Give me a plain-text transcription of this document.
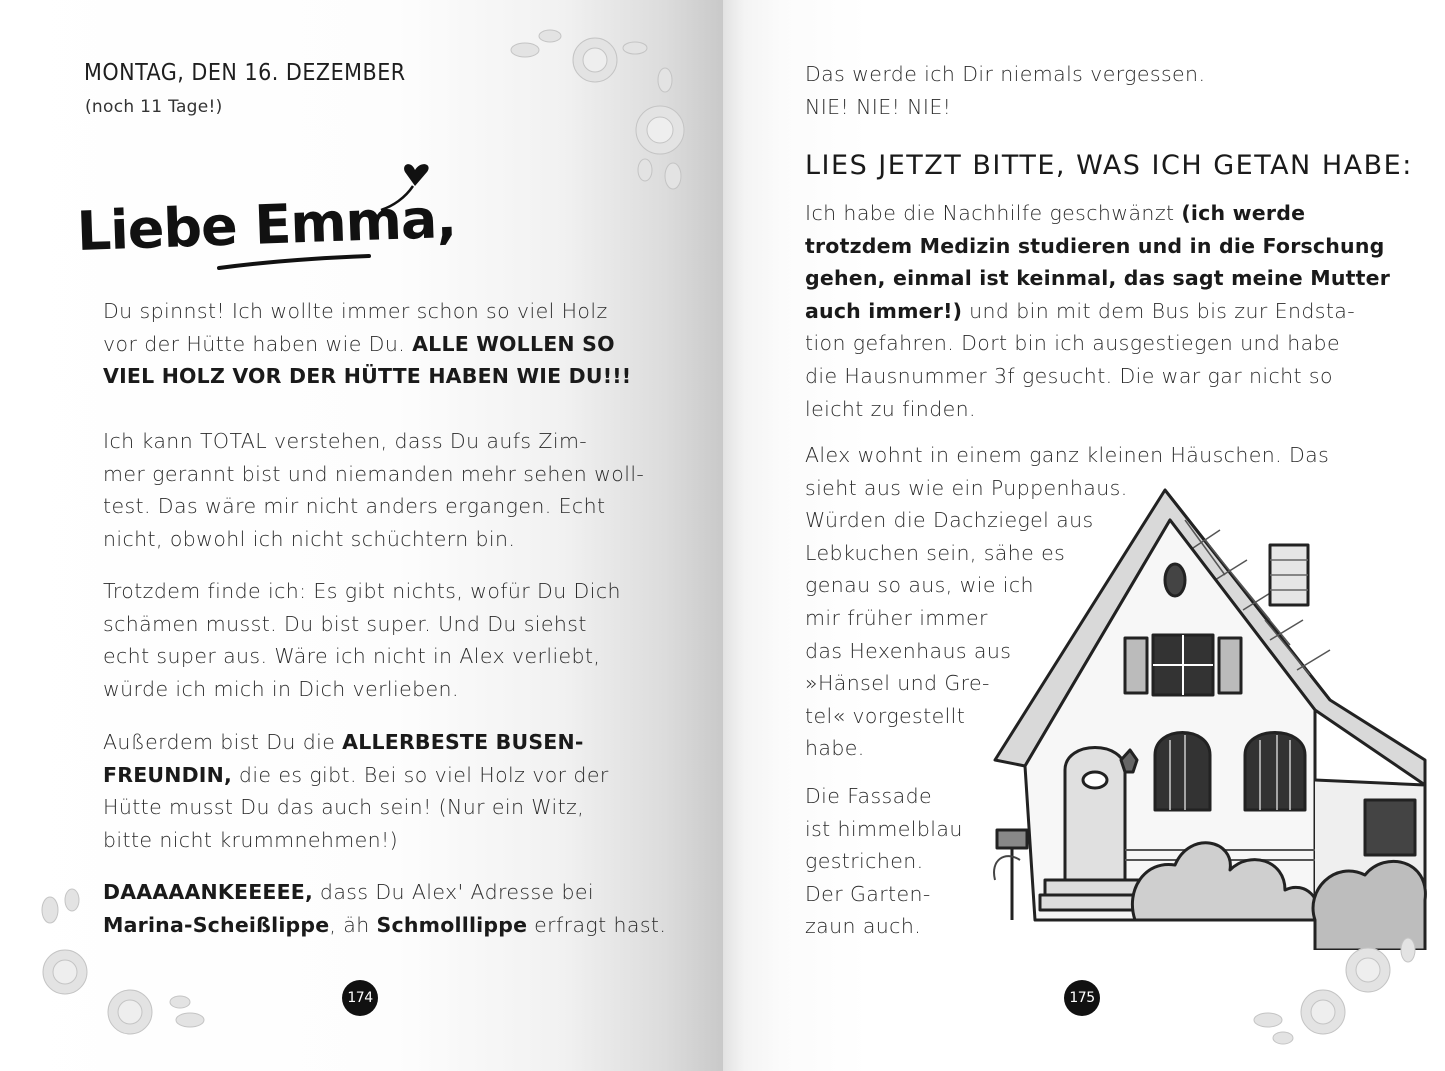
MONTAG, DEN 16. DEZEMBER
(noch 11 Tage!)
Liebe Emma,

Du spinnst! Ich wollte immer schon so viel Holz

vor der Hütte haben wie Du. ALLE WOLLEN SO

VIEL HOLZ VOR DER HÜTTE HABEN WIE DU!!!

Ich kann TOTAL verstehen, dass Du aufs Zim-

mer gerannt bist und niemanden mehr sehen woll-

test. Das wäre mir nicht anders ergangen. Echt

nicht, obwohl ich nicht schüchtern bin.

Trotzdem finde ich: Es gibt nichts, wofür Du Dich

schämen musst. Du bist super. Und Du siehst

echt super aus. Wäre ich nicht in Alex verliebt,

würde ich mich in Dich verlieben.

Außerdem bist Du die ALLERBESTE BUSEN-

FREUNDIN, die es gibt. Bei so viel Holz vor der

Hütte musst Du das auch sein! (Nur ein Witz,

bitte nicht krummnehmen!)

DAAAAANKEEEEE, dass Du Alex' Adresse bei

Marina-Scheißlippe, äh Schmolllippe erfragt hast.

174

Das werde ich Dir niemals vergessen.

NIE! NIE! NIE!

LIES JETZT BITTE, WAS ICH GETAN HABE:

Ich habe die Nachhilfe geschwänzt (ich werde

trotzdem Medizin studieren und in die Forschung

gehen, einmal ist keinmal, das sagt meine Mutter

auch immer!) und bin mit dem Bus bis zur Endsta-

tion gefahren. Dort bin ich ausgestiegen und habe

die Hausnummer 3f gesucht. Die war gar nicht so

leicht zu finden.

Alex wohnt in einem ganz kleinen Häuschen. Das

sieht aus wie ein Puppenhaus.

Würden die Dachziegel aus

Lebkuchen sein, sähe es

genau so aus, wie ich

mir früher immer

das Hexenhaus aus

»Hänsel und Gre-

tel« vorgestellt

habe.

Die Fassade

ist himmelblau

gestrichen.

Der Garten-

zaun auch.

175
